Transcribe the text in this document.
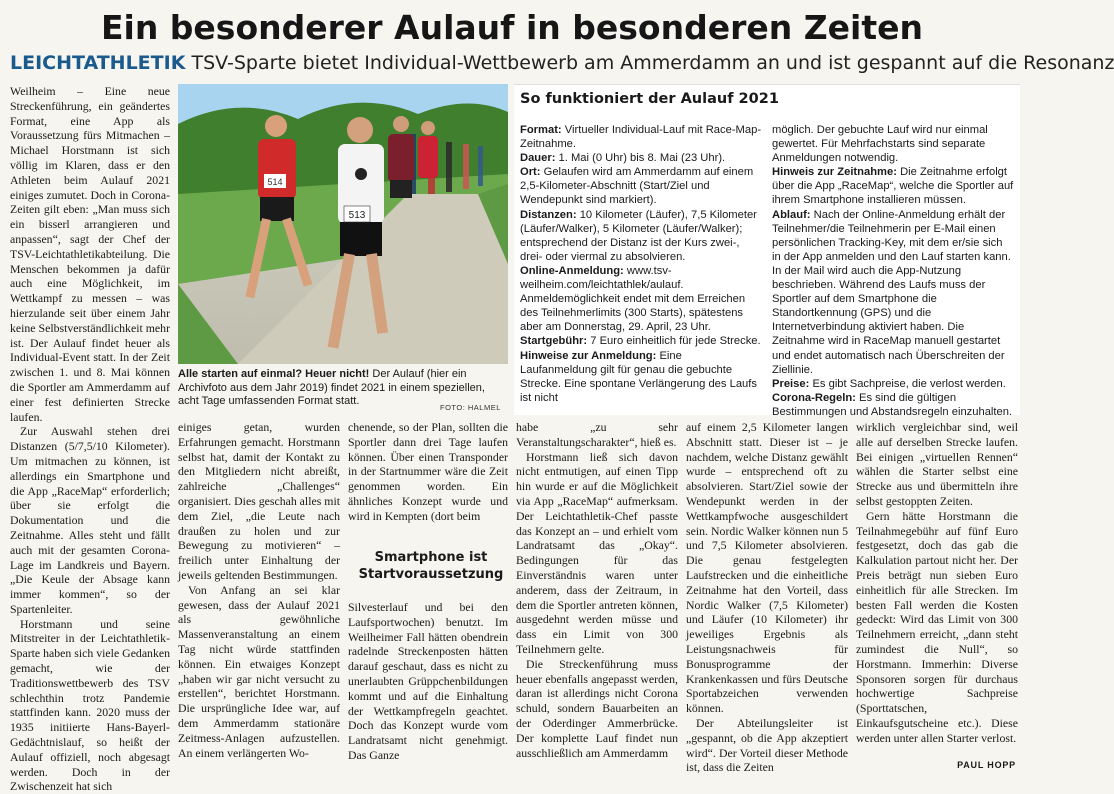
Ein besonderer Aulauf in besonderen Zeiten

LEICHTATHLETIK TSV-Sparte bietet Individual-Wettbewerb am Ammerdamm an und ist gespannt auf die Resonanz

Weilheim – Eine neue Streckenführung, ein geändertes Format, eine App als Voraussetzung fürs Mitmachen – Michael Horstmann ist sich völlig im Klaren, dass er den Athleten beim Aulauf 2021 einiges zumutet. Doch in Corona-Zeiten gilt eben: „Man muss sich ein bisserl arrangieren und anpassen“, sagt der Chef der TSV-Leichtathletikabteilung. Die Menschen bekommen ja dafür auch eine Möglichkeit, im Wettkampf zu messen – was hierzulande seit über einem Jahr keine Selbstverständlichkeit mehr ist. Der Aulauf findet heuer als Individual-Event statt. In der Zeit zwischen 1. und 8. Mai können die Sportler am Ammerdamm auf einer fest definierten Strecke laufen.

Zur Auswahl stehen drei Distanzen (5/7,5/10 Kilometer). Um mitmachen zu können, ist allerdings ein Smartphone und die App „RaceMap“ erforderlich; über sie erfolgt die Dokumentation und die Zeitnahme. Alles steht und fällt auch mit der gesamten Corona-Lage im Landkreis und Bayern. „Die Keule der Absage kann immer kommen“, so der Spartenleiter.

Horstmann und seine Mitstreiter in der Leichtathletik-Sparte haben sich viele Gedanken gemacht, wie der Traditionswettbewerb des TSV schlechthin trotz Pandemie stattfinden kann. 2020 muss der 1935 initiierte Hans-Bayerl-Gedächtnislauf, so heißt der Aulauf offiziell, noch abgesagt werden. Doch in der Zwischenzeit hat sich

514
513
Alle starten auf einmal? Heuer nicht! Der Aulauf (hier ein Archivfoto aus dem Jahr 2019) findet 2021 in einem speziellen, acht Tage umfassenden Format statt.
FOTO: HALMEL
So funktioniert der Aulauf 2021

Format: Virtueller Individual-Lauf mit Race-Map-Zeitnahme.

Dauer: 1. Mai (0 Uhr) bis 8. Mai (23 Uhr).

Ort: Gelaufen wird am Ammerdamm auf einem 2,5-Kilometer-Abschnitt (Start/Ziel und Wendepunkt sind markiert).

Distanzen: 10 Kilometer (Läufer), 7,5 Kilometer (Läufer/Walker), 5 Kilometer (Läufer/Walker); entsprechend der Distanz ist der Kurs zwei-, drei- oder viermal zu absolvieren.

Online-Anmeldung: www.tsv-weilheim.com/leichtathlek/aulauf. Anmeldemöglichkeit endet mit dem Erreichen des Teilnehmerlimits (300 Starts), spätestens aber am Donnerstag, 29. April, 23 Uhr.

Startgebühr: 7 Euro einheitlich für jede Strecke.

Hinweise zur Anmeldung: Eine Laufanmeldung gilt für genau die gebuchte Strecke. Eine spontane Verlängerung des Laufs ist nicht

möglich. Der gebuchte Lauf wird nur einmal gewertet. Für Mehrfachstarts sind separate Anmeldungen notwendig.

Hinweis zur Zeitnahme: Die Zeitnahme erfolgt über die App „RaceMap“, welche die Sportler auf ihrem Smartphone installieren müssen.

Ablauf: Nach der Online-Anmeldung erhält der Teilnehmer/die Teilnehmerin per E-Mail einen persönlichen Tracking-Key, mit dem er/sie sich in der App anmelden und den Lauf starten kann. In der Mail wird auch die App-Nutzung beschrieben. Während des Laufs muss der Sportler auf dem Smartphone die Standortkennung (GPS) und die Internetverbindung aktiviert haben. Die Zeitnahme wird in RaceMap manuell gestartet und endet automatisch nach Überschreiten der Ziellinie.

Preise: Es gibt Sachpreise, die verlost werden.

Corona-Regeln: Es sind die gültigen Bestimmungen und Abstandsregeln einzuhalten.

einiges getan, wurden Erfahrungen gemacht. Horstmann selbst hat, damit der Kontakt zu den Mitgliedern nicht abreißt, zahlreiche „Challenges“ organisiert. Dies geschah alles mit dem Ziel, „die Leute nach draußen zu holen und zur Bewegung zu motivieren“ – freilich unter Einhaltung der jeweils geltenden Bestimmungen.

Von Anfang an sei klar gewesen, dass der Aulauf 2021 als gewöhnliche Massenveranstaltung an einem Tag nicht würde stattfinden können. Ein etwaiges Konzept „haben wir gar nicht versucht zu erstellen“, berichtet Horstmann. Die ursprüngliche Idee war, auf dem Ammerdamm stationäre Zeitmess-Anlagen aufzustellen. An einem verlängerten Wo-

chenende, so der Plan, sollten die Sportler dann drei Tage laufen können. Über einen Transponder in der Startnummer wäre die Zeit genommen worden. Ein ähnliches Konzept wurde und wird in Kempten (dort beim

Smartphone ist Startvoraussetzung

Silvesterlauf und bei den Laufsportwochen) benutzt. Im Weilheimer Fall hätten obendrein radelnde Streckenposten hätten darauf geschaut, dass es nicht zu unerlaubten Grüppchenbildungen kommt und auf die Einhaltung der Wettkampfregeln geachtet. Doch das Konzept wurde vom Landratsamt nicht genehmigt. Das Ganze

habe „zu sehr Veranstaltungscharakter“, hieß es.

Horstmann ließ sich davon nicht entmutigen, auf einen Tipp hin wurde er auf die Möglichkeit via App „RaceMap“ aufmerksam. Der Leichtathletik-Chef passte das Konzept an – und erhielt vom Landratsamt das „Okay“. Bedingungen für das Einverständnis waren unter anderem, dass der Zeitraum, in dem die Sportler antreten können, ausgedehnt werden müsse und dass ein Limit von 300 Teilnehmern gelte.

Die Streckenführung muss heuer ebenfalls angepasst werden, daran ist allerdings nicht Corona schuld, sondern Bauarbeiten an der Oderdinger Ammerbrücke. Der komplette Lauf findet nun ausschließlich am Ammerdamm

auf einem 2,5 Kilometer langen Abschnitt statt. Dieser ist – je nachdem, welche Distanz gewählt wurde – entsprechend oft zu absolvieren. Start/Ziel sowie der Wendepunkt werden in der Wettkampfwoche ausgeschildert sein. Nordic Walker können nun 5 und 7,5 Kilometer absolvieren. Die genau festgelegten Laufstrecken und die einheitliche Zeitnahme hat den Vorteil, dass Nordic Walker (7,5 Kilometer) und Läufer (10 Kilometer) ihr jeweiliges Ergebnis als Leistungsnachweis für Bonusprogramme der Krankenkassen und fürs Deutsche Sportabzeichen verwenden können.

Der Abteilungsleiter ist „gespannt, ob die App akzeptiert wird“. Der Vorteil dieser Methode ist, dass die Zeiten

wirklich vergleichbar sind, weil alle auf derselben Strecke laufen. Bei einigen „virtuellen Rennen“ wählen die Starter selbst eine Strecke aus und übermitteln ihre selbst gestoppten Zeiten.

Gern hätte Horstmann die Teilnahmegebühr auf fünf Euro festgesetzt, doch das gab die Kalkulation partout nicht her. Der Preis beträgt nun sieben Euro einheitlich für alle Strecken. Im besten Fall werden die Kosten gedeckt: Wird das Limit von 300 Teilnehmern erreicht, „dann steht zumindest die Null“, so Horstmann. Immerhin: Diverse Sponsoren sorgen für durchaus hochwertige Sachpreise (Sporttatschen, Einkaufsgutscheine etc.). Diese werden unter allen Starter verlost.

PAUL HOPP
